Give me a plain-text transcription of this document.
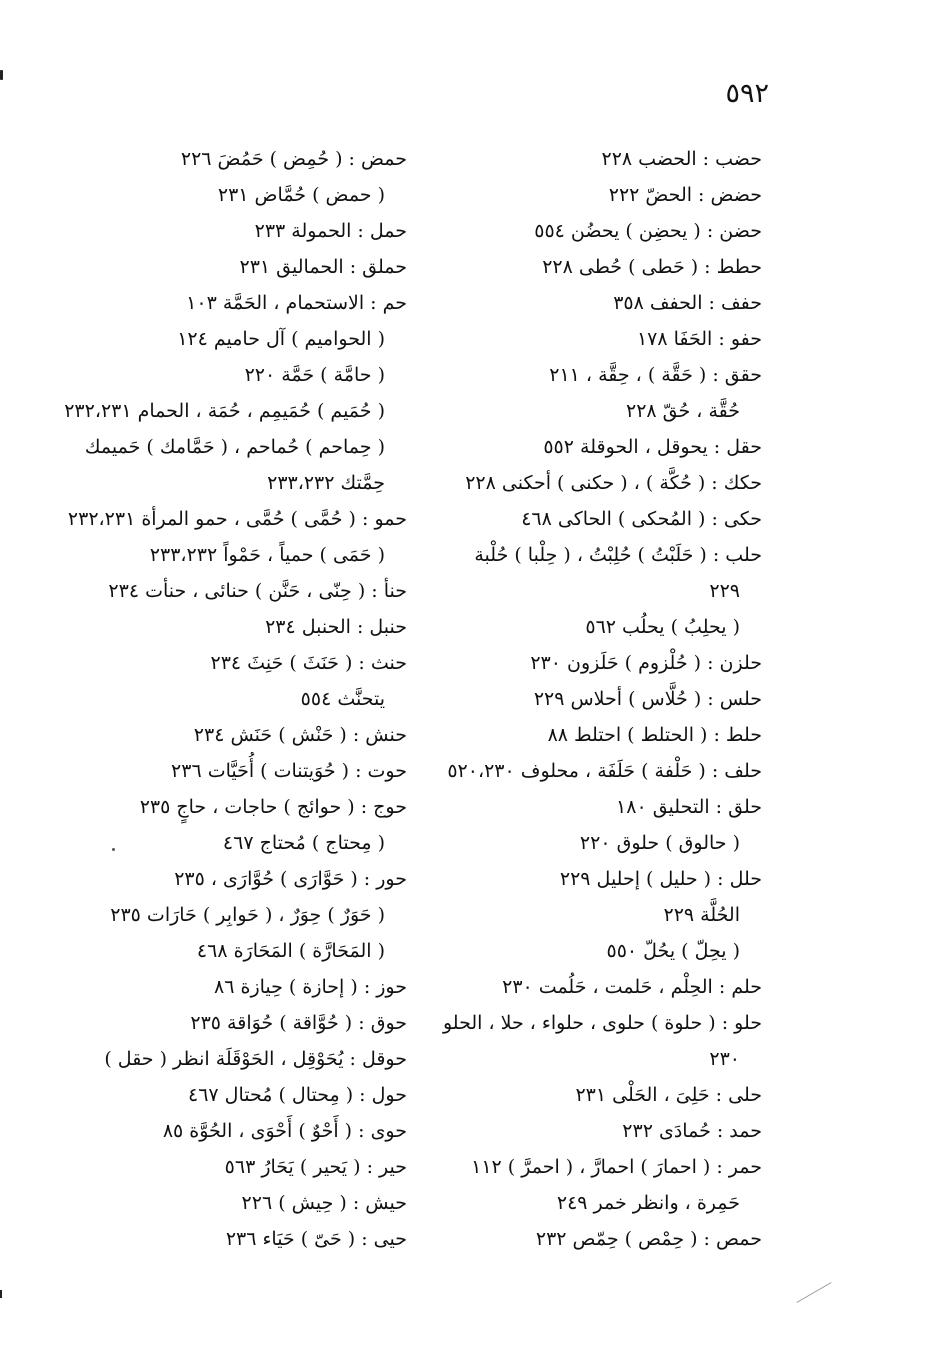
٥٩٢
حضب : الحضب ٢٢٨
حضض : الحضّ ٢٢٢
حضن : ( يحضِن ) يحضُن ٥٥٤
حطط : ( حَطى ) حُطى ٢٢٨
حفف : الحفف ٣٥٨
حفو : الحَفَا ١٧٨
حقق : ( حَقَّة ) ، حِقَّة ، ٢١١
حُقَّة ، حُقّ ٢٢٨
حقل : يحوقل ، الحوقلة ٥٥٢
حكك : ( حُكَّة ) ، ( حكنى ) أحكنى ٢٢٨
حكى : ( المُحكى ) الحاكى ٤٦٨
حلب : ( حَلَبْتُ ) حُلِبْتُ ، ( حِلْبا ) حُلْبة
٢٢٩
( يحلِبُ ) يحلُب ٥٦٢
حلزن : ( حُلْزوم ) حَلَزون ٢٣٠
حلس : ( حُلَّاس ) أحلاس ٢٢٩
حلط : ( الحتلط ) احتلط ٨٨
حلف : ( حَلْفة ) حَلَفَة ، محلوف ٥٢٠،٢٣٠
حلق : التحليق ١٨٠
( حالوق ) حلوق ٢٢٠
حلل : ( حليل ) إحليل ٢٢٩
الحُلَّة ٢٢٩
( يحِلّ ) يحُلّ ٥٥٠
حلم : الحِلْم ، حَلمت ، حَلُمت ٢٣٠
حلو : ( حلوة ) حلوى ، حلواء ، حلا ، الحلو
٢٣٠
حلى : حَلِىَ ، الحَلْى ٢٣١
حمد : حُمادَى ٢٣٢
حمر : ( احمارَ ) احمارَّ ، ( احمرَّ ) ١١٢
حَمِرة ، وانظر خمر ٢٤٩
حمص : ( حِمْص ) حِمّص ٢٣٢
حمض : ( حُمِض ) حَمُضَ ٢٢٦
( حمض ) حُمَّاض ٢٣١
حمل : الحمولة ٢٣٣
حملق : الحماليق ٢٣١
حم : الاستحمام ، الحَمَّة ١٠٣
( الحواميم ) آل حاميم ١٢٤
( حامَّة ) حَمَّة ٢٢٠
( حُمَيم ) حُمَيمِم ، حُمَة ، الحمام ٢٣٢،٢٣١
( حِماحم ) حُماحم ، ( حَمَّامك ) حَميمك
حِمَّتك ٢٣٣،٢٣٢
حمو : ( حُمَّى ) حُمَّى ، حمو المرأة ٢٣٢،٢٣١
( حَمَى ) حمياً ، حَمْواً ٢٣٣،٢٣٢
حنأ : ( حِنّى ، حَنَّن ) حنائى ، حنأت ٢٣٤
حنبل : الحنبل ٢٣٤
حنث : ( حَنَثَ ) حَنِثَ ٢٣٤
يتحنَّث ٥٥٤
حنش : ( حَنْش ) حَنَش ٢٣٤
حوت : ( حُوَيتنات ) أُحَيَّات ٢٣٦
حوج : ( حوائج ) حاجات ، حاجٍ ٢٣٥
( مِحتاج ) مُحتاج ٤٦٧
حور : ( حَوَّارَى ) حُوَّارَى ، ٢٣٥
( حَوَرٌ ) حِوَرٌ ، ( حَوابِر ) حَارَات ٢٣٥
( المَحَارَّة ) المَحَارَة ٤٦٨
حوز : ( إحازة ) حِيازة ٨٦
حوق : ( حُوَّاقة ) حُوَاقة ٢٣٥
حوقل : يُحَوْقِل ، الحَوْقَلَة انظر ( حقل )
حول : ( مِحتال ) مُحتال ٤٦٧
حوى : ( أَحْوٌ ) أَحْوَى ، الحُوَّة ٨٥
حير : ( يَحير ) يَحَارُ ٥٦٣
حيش : ( حِيش ) ٢٢٦
حيى : ( حَىّ ) حَيَاء ٢٣٦
